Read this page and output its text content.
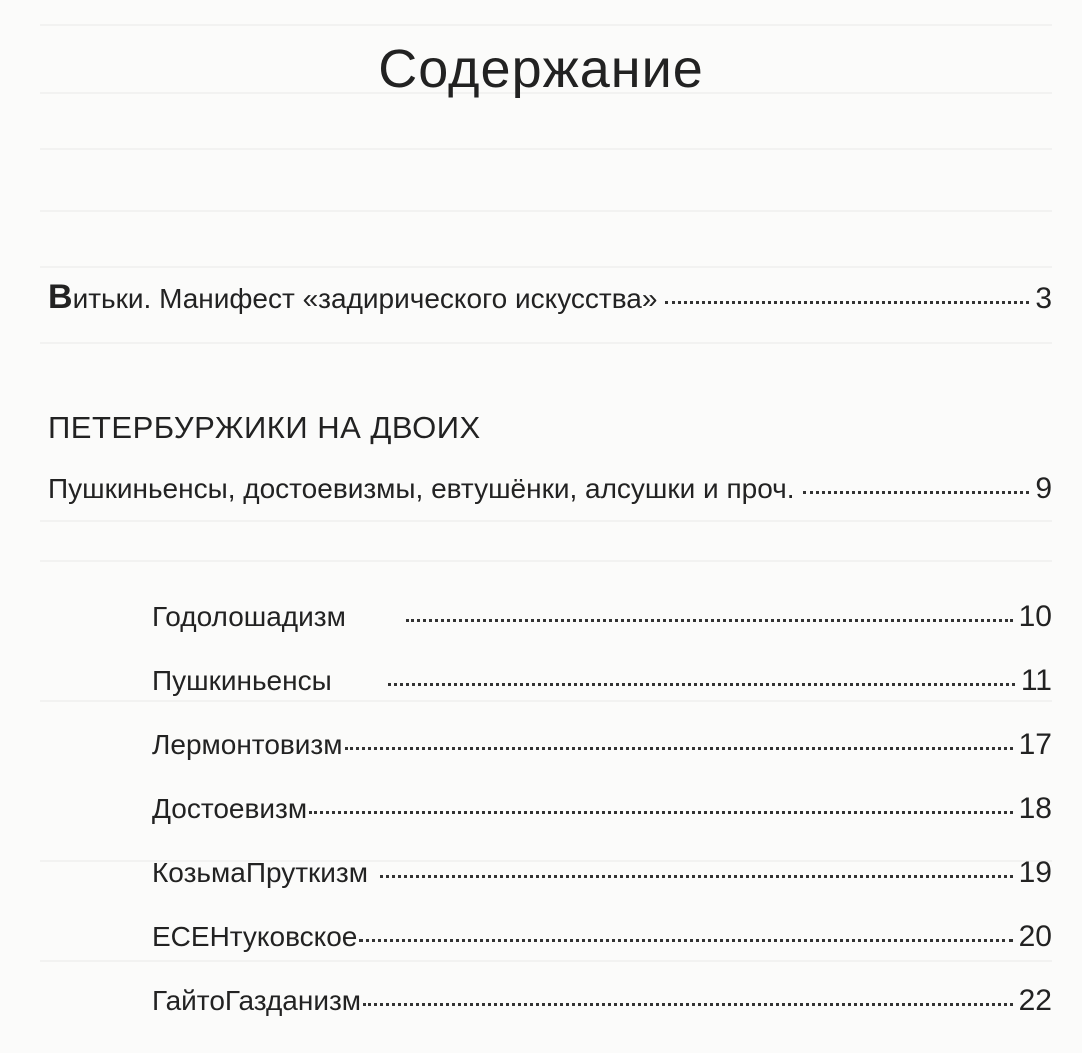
Содержание
Витьки. Манифест «задирического искусства»	3
ПЕТЕРБУРЖИКИ НА ДВОИХ
Пушкиньенсы, достоевизмы, евтушёнки, алсушки и проч.	9
Годолошадизм	10
Пушкиньенсы	11
Лермонтовизм	17
Достоевизм	18
КозьмаПруткизм	19
ЕСЕНтуковское	20
ГайтоГазданизм	22
